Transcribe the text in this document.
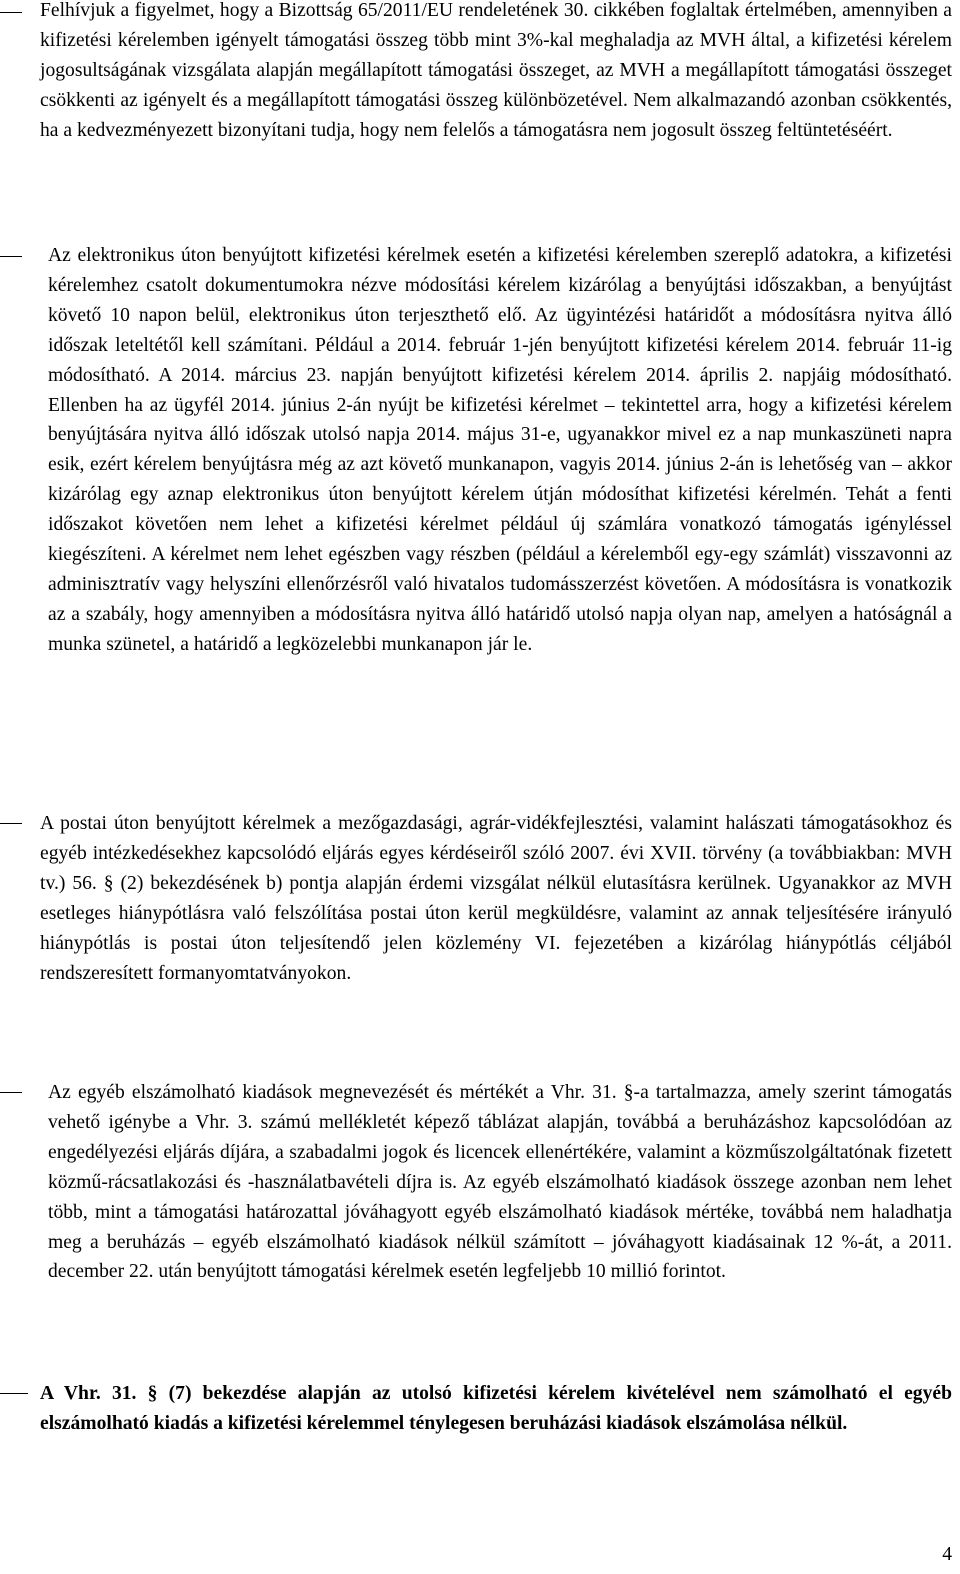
Felhívjuk a figyelmet, hogy a Bizottság 65/2011/EU rendeletének 30. cikkében foglaltak értelmében, amennyiben a kifizetési kérelemben igényelt támogatási összeg több mint 3%-kal meghaladja az MVH által, a kifizetési kérelem jogosultságának vizsgálata alapján megállapított támogatási összeget, az MVH a megállapított támogatási összeget csökkenti az igényelt és a megállapított támogatási összeg különbözetével. Nem alkalmazandó azonban csökkentés, ha a kedvezményezett bizonyítani tudja, hogy nem felelős a támogatásra nem jogosult összeg feltüntetéséért.

Az elektronikus úton benyújtott kifizetési kérelmek esetén a kifizetési kérelemben szereplő adatokra, a kifizetési kérelemhez csatolt dokumentumokra nézve módosítási kérelem kizárólag a benyújtási időszakban, a benyújtást követő 10 napon belül, elektronikus úton terjeszthető elő. Az ügyintézési határidőt a módosításra nyitva álló időszak leteltétől kell számítani. Például a 2014. február 1-jén benyújtott kifizetési kérelem 2014. február 11-ig módosítható. A 2014. március 23. napján benyújtott kifizetési kérelem 2014. április 2. napjáig módosítható. Ellenben ha az ügyfél 2014. június 2-án nyújt be kifizetési kérelmet – tekintettel arra, hogy a kifizetési kérelem benyújtására nyitva álló időszak utolsó napja 2014. május 31-e, ugyanakkor mivel ez a nap munkaszüneti napra esik, ezért kérelem benyújtásra még az azt követő munkanapon, vagyis 2014. június 2-án is lehetőség van – akkor kizárólag egy aznap elektronikus úton benyújtott kérelem útján módosíthat kifizetési kérelmén. Tehát a fenti időszakot követően nem lehet a kifizetési kérelmet például új számlára vonatkozó támogatás igényléssel kiegészíteni. A kérelmet nem lehet egészben vagy részben (például a kérelemből egy-egy számlát) visszavonni az adminisztratív vagy helyszíni ellenőrzésről való hivatalos tudomásszerzést követően. A módosításra is vonatkozik az a szabály, hogy amennyiben a módosításra nyitva álló határidő utolsó napja olyan nap, amelyen a hatóságnál a munka szünetel, a határidő a legközelebbi munkanapon jár le.

A postai úton benyújtott kérelmek a mezőgazdasági, agrár-vidékfejlesztési, valamint halászati támogatásokhoz és egyéb intézkedésekhez kapcsolódó eljárás egyes kérdéseiről szóló 2007. évi XVII. törvény (a továbbiakban: MVH tv.) 56. § (2) bekezdésének b) pontja alapján érdemi vizsgálat nélkül elutasításra kerülnek. Ugyanakkor az MVH esetleges hiánypótlásra való felszólítása postai úton kerül megküldésre, valamint az annak teljesítésére irányuló hiánypótlás is postai úton teljesítendő jelen közlemény VI. fejezetében a kizárólag hiánypótlás céljából rendszeresített formanyomtatványokon.

Az egyéb elszámolható kiadások megnevezését és mértékét a Vhr. 31. §-a tartalmazza, amely szerint támogatás vehető igénybe a Vhr. 3. számú mellékletét képező táblázat alapján, továbbá a beruházáshoz kapcsolódóan az engedélyezési eljárás díjára, a szabadalmi jogok és licencek ellenértékére, valamint a közműszolgáltatónak fizetett közmű-rácsatlakozási és -használatbavételi díjra is. Az egyéb elszámolható kiadások összege azonban nem lehet több, mint a támogatási határozattal jóváhagyott egyéb elszámolható kiadások mértéke, továbbá nem haladhatja meg a beruházás – egyéb elszámolható kiadások nélkül számított – jóváhagyott kiadásainak 12 %-át, a 2011. december 22. után benyújtott támogatási kérelmek esetén legfeljebb 10 millió forintot.

A Vhr. 31. § (7) bekezdése alapján az utolsó kifizetési kérelem kivételével nem számolható el egyéb elszámolható kiadás a kifizetési kérelemmel ténylegesen beruházási kiadások elszámolása nélkül.

4
